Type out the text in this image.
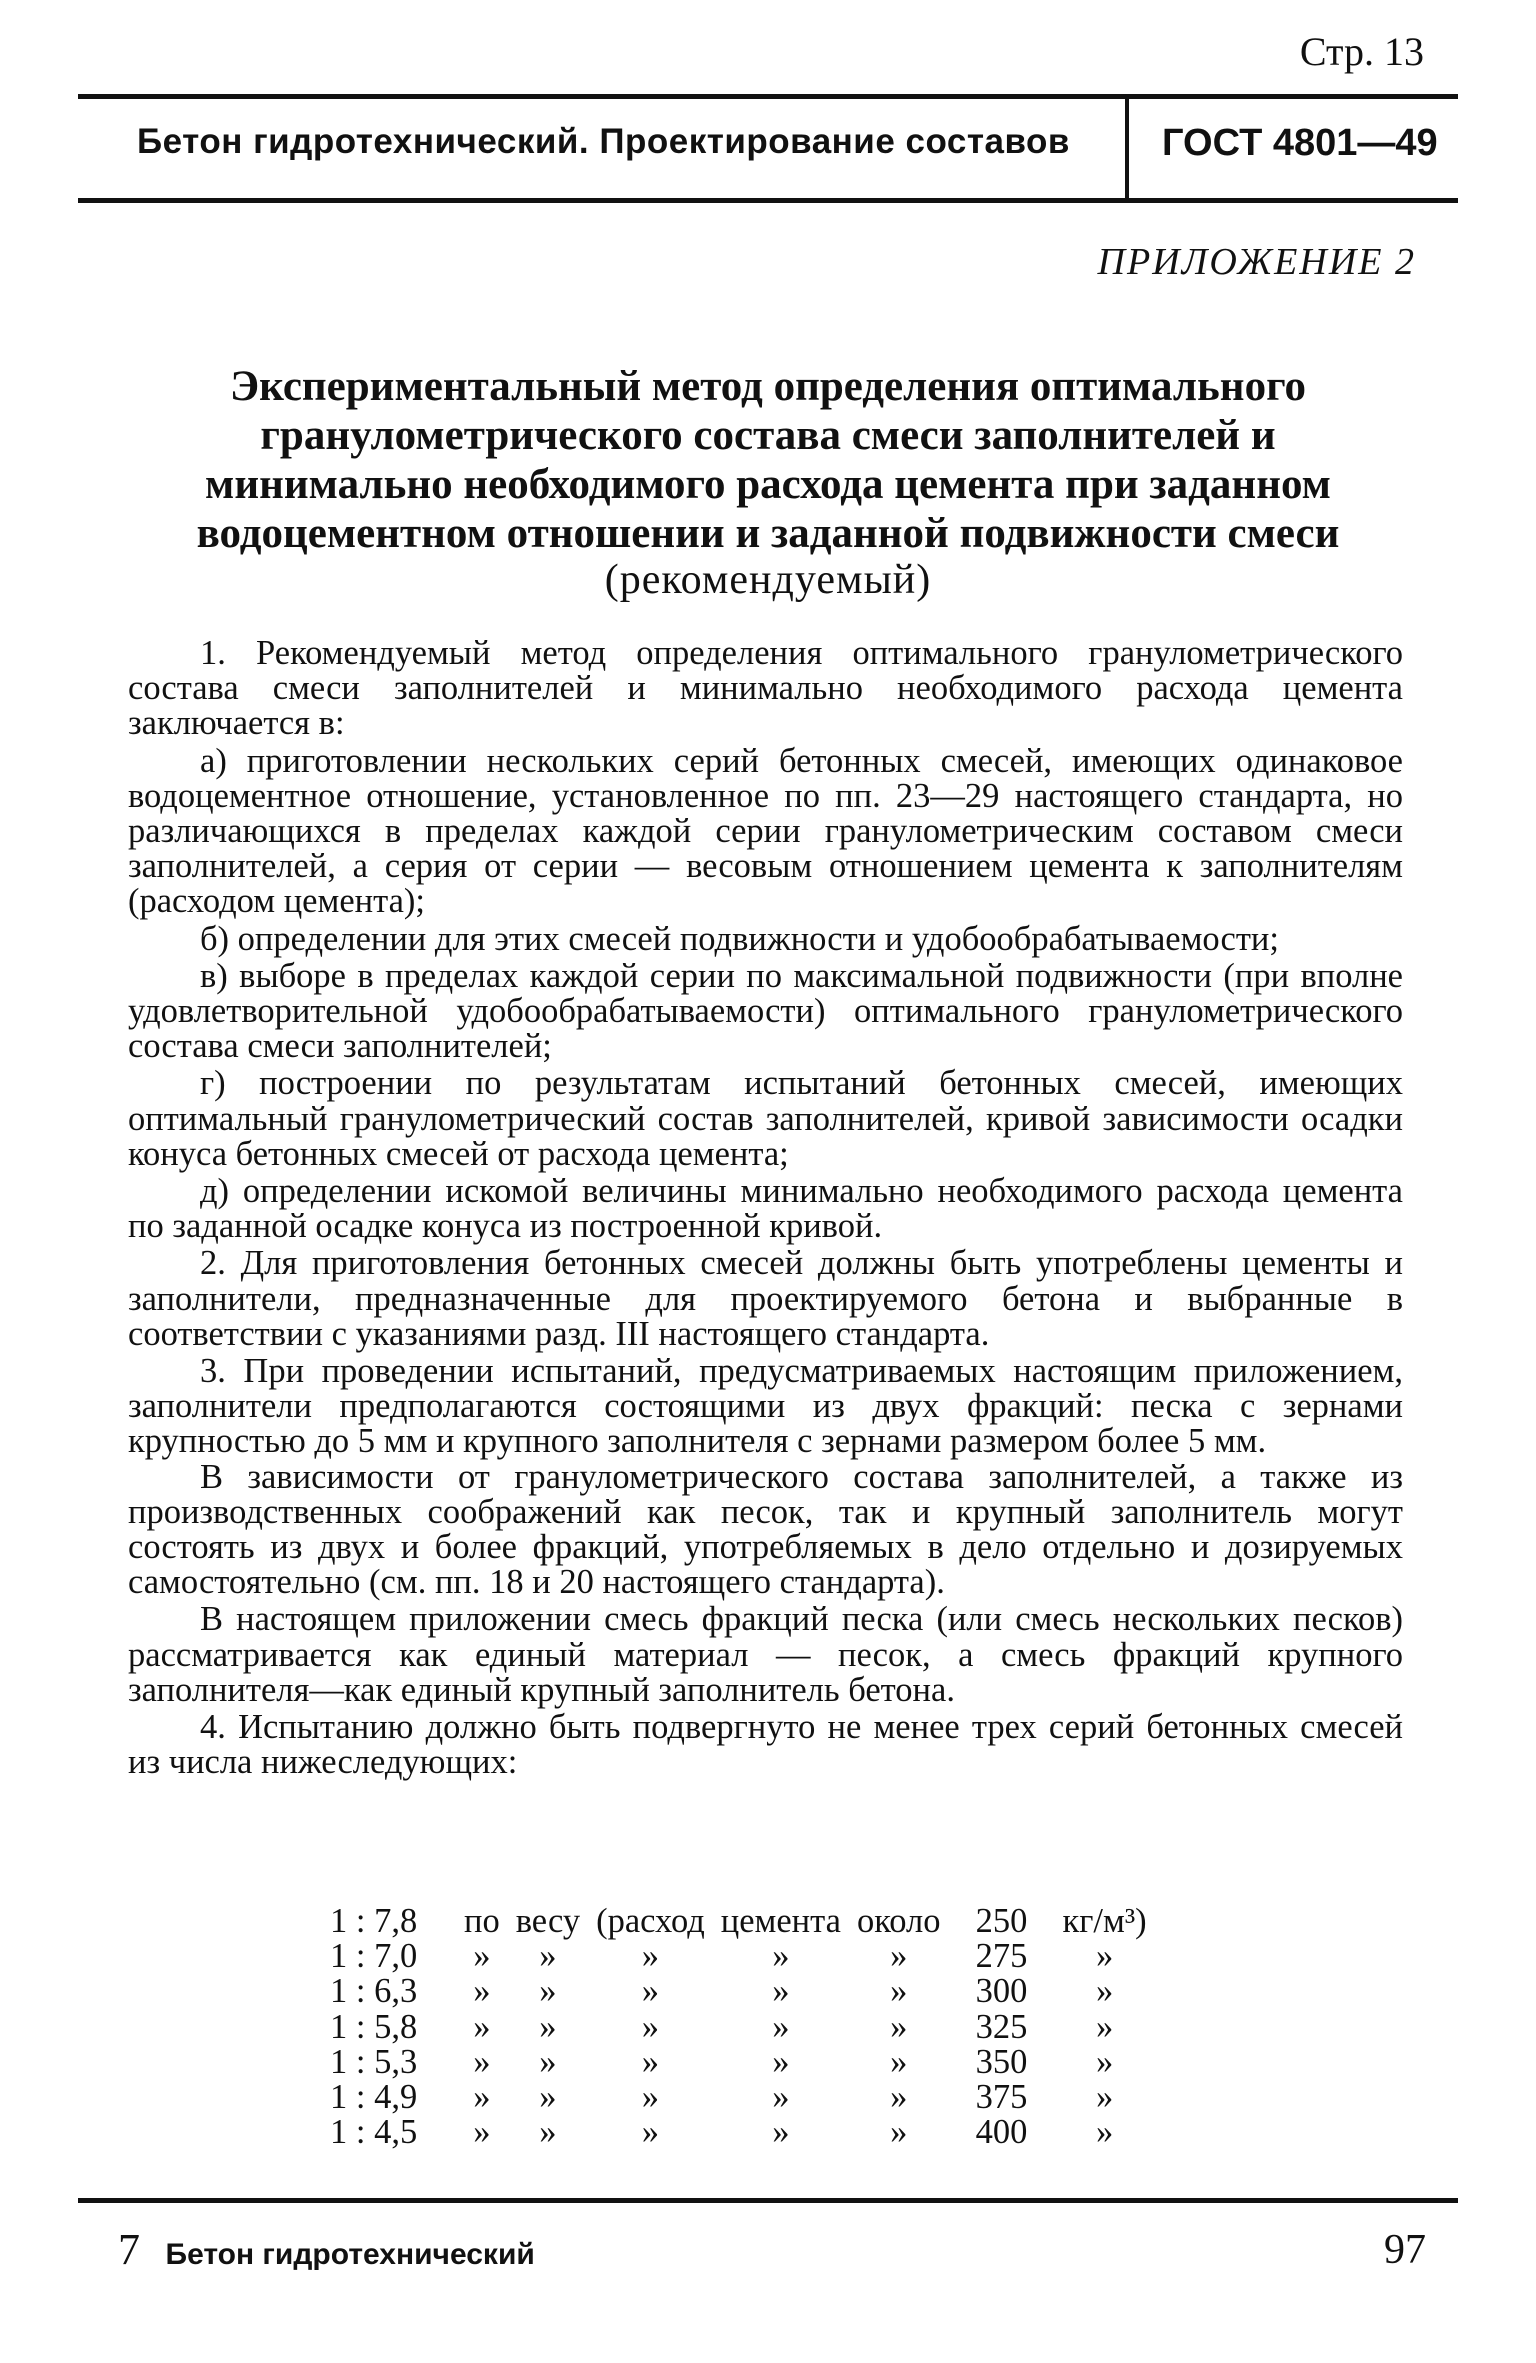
Стр. 13
Бетон гидротехнический. Проектирование составов ГОСТ 4801—49
ПРИЛОЖЕНИЕ 2
Экспериментальный метод определения оптимального
гранулометрического состава смеси заполнителей и
минимально необходимого расхода цемента при заданном
водоцементном отношении и заданной подвижности смеси
(рекомендуемый)

1. Рекомендуемый метод определения оптимального гранулометрического состава смеси заполнителей и минимально необходимого расхода цемента заключается в:

а) приготовлении нескольких серий бетонных смесей, имеющих одинаковое водоцементное отношение, установленное по пп. 23—29 настоящего стандарта, но различающихся в пределах каждой серии гранулометрическим составом смеси заполнителей, а серия от серии — весовым отношением цемента к заполнителям (расходом цемента);

б) определении для этих смесей подвижности и удобообрабатываемости;

в) выборе в пределах каждой серии по максимальной подвижности (при вполне удовлетворительной удобообрабатываемости) оптимального гранулометрического состава смеси заполнителей;

г) построении по результатам испытаний бетонных смесей, имеющих оптимальный гранулометрический состав заполнителей, кривой зависимости осадки конуса бетонных смесей от расхода цемента;

д) определении искомой величины минимально необходимого расхода цемента по заданной осадке конуса из построенной кривой.

2. Для приготовления бетонных смесей должны быть употреблены цементы и заполнители, предназначенные для проектируемого бетона и выбранные в соответствии с указаниями разд. III настоящего стандарта.

3. При проведении испытаний, предусматриваемых настоящим приложением, заполнители предполагаются состоящими из двух фракций: песка с зернами крупностью до 5 мм и крупного заполнителя с зернами размером более 5 мм.

В зависимости от гранулометрического состава заполнителей, а также из производственных соображений как песок, так и крупный заполнитель могут состоять из двух и более фракций, употребляемых в дело отдельно и дозируемых самостоятельно (см. пп. 18 и 20 настоящего стандарта).

В настоящем приложении смесь фракций песка (или смесь нескольких песков) рассматривается как единый материал — песок, а смесь фракций крупного заполнителя—как единый крупный заполнитель бетона.

4. Испытанию должно быть подвергнуто не менее трех серий бетонных смесей из числа нижеследующих:

1 : 7,8	по	весу	(расход	цемента	около	250	кг/м³)
1 : 7,0	»	»	»	»	»	275	»
1 : 6,3	»	»	»	»	»	300	»
1 : 5,8	»	»	»	»	»	325	»
1 : 5,3	»	»	»	»	»	350	»
1 : 4,9	»	»	»	»	»	375	»
1 : 4,5	»	»	»	»	»	400	»
7 Бетон гидротехнический	97
